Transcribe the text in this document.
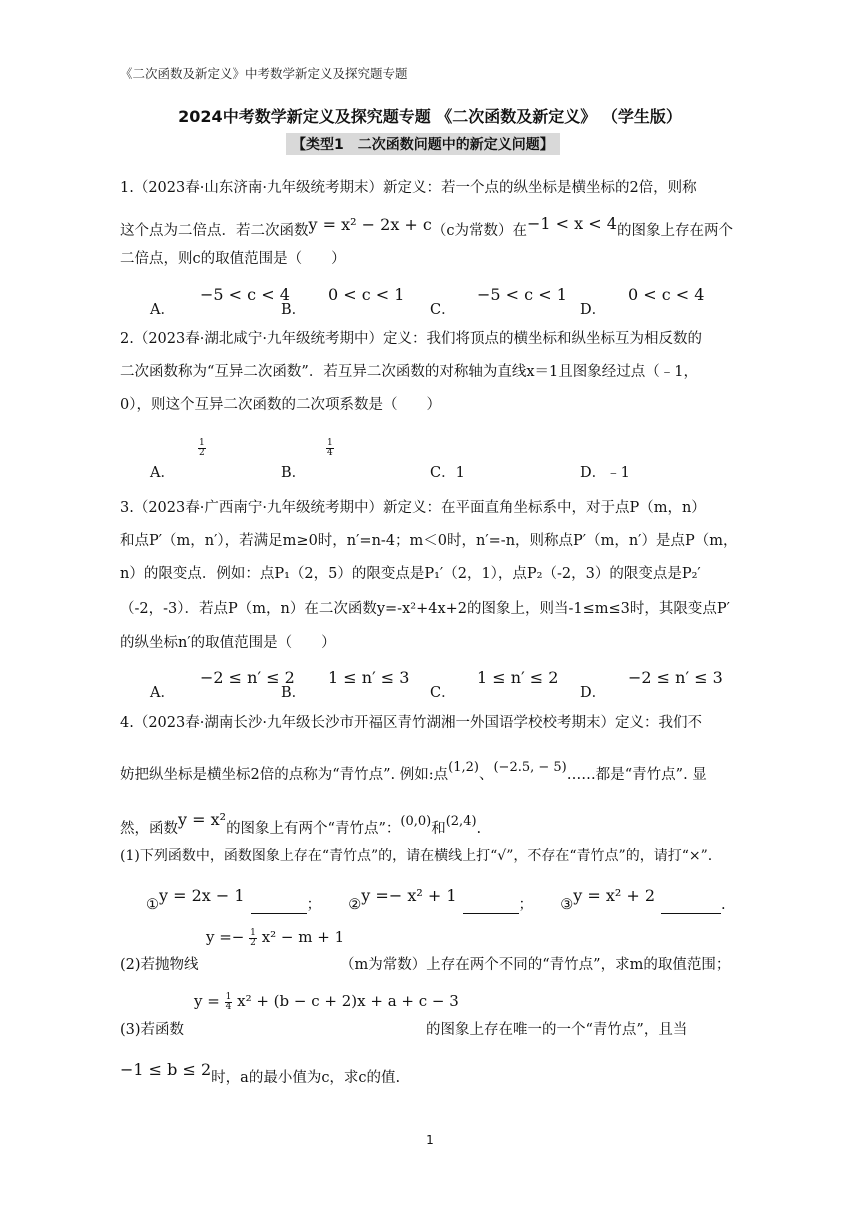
《二次函数及新定义》中考数学新定义及探究题专题
2024中考数学新定义及探究题专题 《二次函数及新定义》 （学生版）
【类型1　二次函数问题中的新定义问题】
1.（2023春·山东济南·九年级统考期末）新定义：若一个点的纵坐标是横坐标的2倍，则称
这个点为二倍点．若二次函数y = x² − 2x + c（c为常数）在−1 < x < 4的图象上存在两个
二倍点，则c的取值范围是（　　）
A．
−5 < c < 4
B．
0 < c < 1
C．
−5 < c < 1
D．
0 < c < 4
2.（2023春·湖北咸宁·九年级统考期中）定义：我们将顶点的横坐标和纵坐标互为相反数的
二次函数称为“互异二次函数”．若互异二次函数的对称轴为直线x＝1且图象经过点（﹣1，
0），则这个互异二次函数的二次项系数是（　　）
A．
$\frac{1}{2}$
B．
$\frac{1}{4}$
C．1	D．﹣1
3.（2023春·广西南宁·九年级统考期中）新定义：在平面直角坐标系中，对于点P（m，n）
和点P′（m，n′），若满足m≥0时，n′=n-4；m＜0时，n′=-n，则称点P′（m，n′）是点P（m，
n）的限变点．例如：点P₁（2，5）的限变点是P₁′（2，1），点P₂（-2，3）的限变点是P₂′
（-2，-3）．若点P（m，n）在二次函数y=-x²+4x+2的图象上，则当-1≤m≤3时，其限变点P′
的纵坐标n′的取值范围是（　　）
A．
−2 ≤ n′ ≤ 2
B．
1 ≤ n′ ≤ 3
C．
1 ≤ n′ ≤ 2
D．
−2 ≤ n′ ≤ 3
4.（2023春·湖南长沙·九年级长沙市开福区青竹湖湘一外国语学校校考期末）定义：我们不
妨把纵坐标是横坐标2倍的点称为“青竹点”. 例如:点(1,2)、(−2.5, − 5)……都是“青竹点”. 显
然，函数y = x²的图象上有两个“青竹点”：(0,0)和(2,4).
(1)下列函数中，函数图象上存在“青竹点”的，请在横线上打“√”，不存在“青竹点”的，请打“×”.
①y = 2x − 1	； ②y =− x² + 1	； ③y = x² + 2	.
(2)若抛物线
$y =- \frac{1}{2} x^2 - m + 1$
（m为常数）上存在两个不同的“青竹点”，求m的取值范围；
(3)若函数
$y = \frac{1}{4} x^2 + (b - c + 2)x + a + c - 3$
的图象上存在唯一的一个“青竹点”，且当
−1 ≤ b ≤ 2时，a的最小值为c，求c的值.
1
